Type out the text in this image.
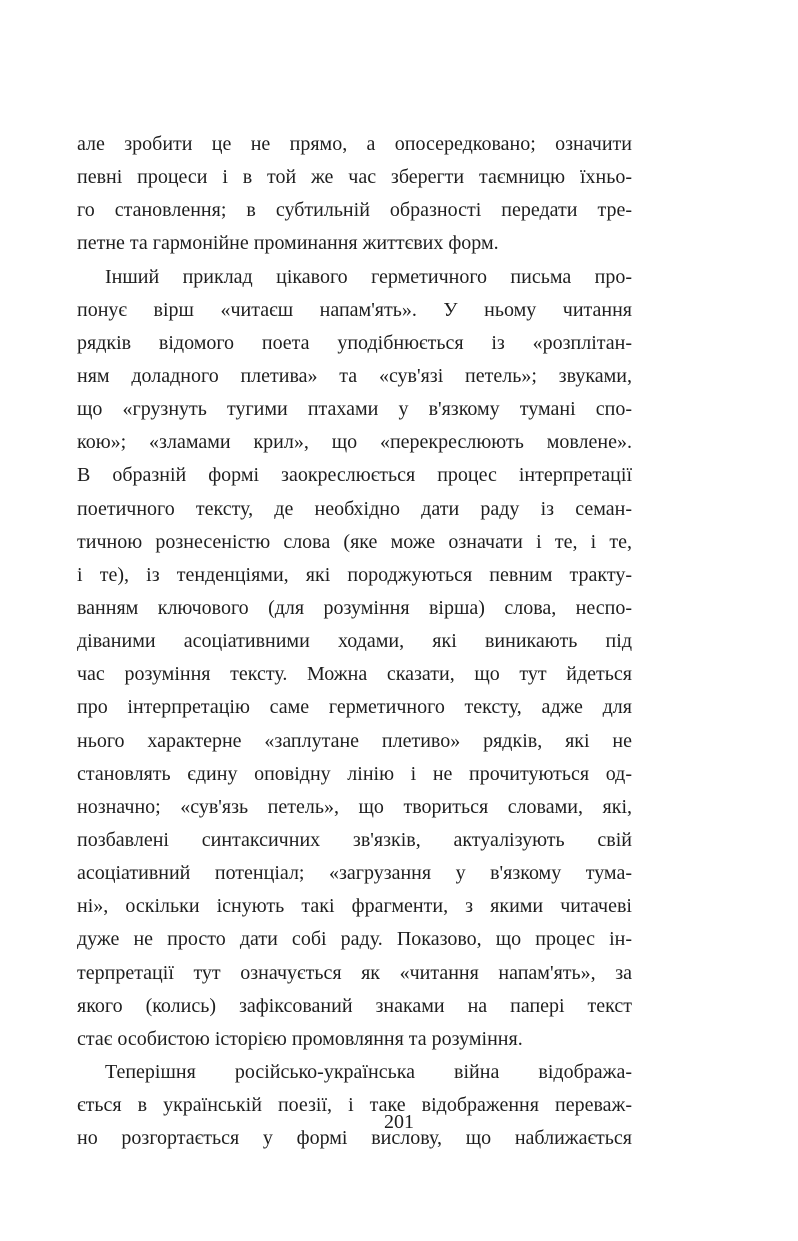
але зробити це не прямо, а опосередковано; означити
певні процеси і в той же час зберегти таємницю їхньо-
го становлення; в субтильній образності передати тре-
петне та гармонійне проминання життєвих форм.
Інший приклад цікавого герметичного письма про-
понує вірш «читаєш напам'ять». У ньому читання
рядків відомого поета уподібнюється із «розплітан-
ням доладного плетива» та «сув'язі петель»; звуками,
що «грузнуть тугими птахами у в'язкому тумані спо-
кою»; «зламами крил», що «перекреслюють мовлене».
В образній формі заокреслюється процес інтерпретації
поетичного тексту, де необхідно дати раду із семан-
тичною рознесеністю слова (яке може означати і те, і те,
і те), із тенденціями, які породжуються певним тракту-
ванням ключового (для розуміння вірша) слова, неспо-
діваними асоціативними ходами, які виникають під
час розуміння тексту. Можна сказати, що тут йдеться
про інтерпретацію саме герметичного тексту, адже для
нього характерне «заплутане плетиво» рядків, які не
становлять єдину оповідну лінію і не прочитуються од-
нозначно; «сув'язь петель», що твориться словами, які,
позбавлені синтаксичних зв'язків, актуалізують свій
асоціативний потенціал; «загрузання у в'язкому тума-
ні», оскільки існують такі фрагменти, з якими читачеві
дуже не просто дати собі раду. Показово, що процес ін-
терпретації тут означується як «читання напам'ять», за
якого (колись) зафіксований знаками на папері текст
стає особистою історією промовляння та розуміння.
Теперішня російсько-українська війна відобража-
ється в українській поезії, і таке відображення переваж-
но розгортається у формі вислову, що наближається
201
